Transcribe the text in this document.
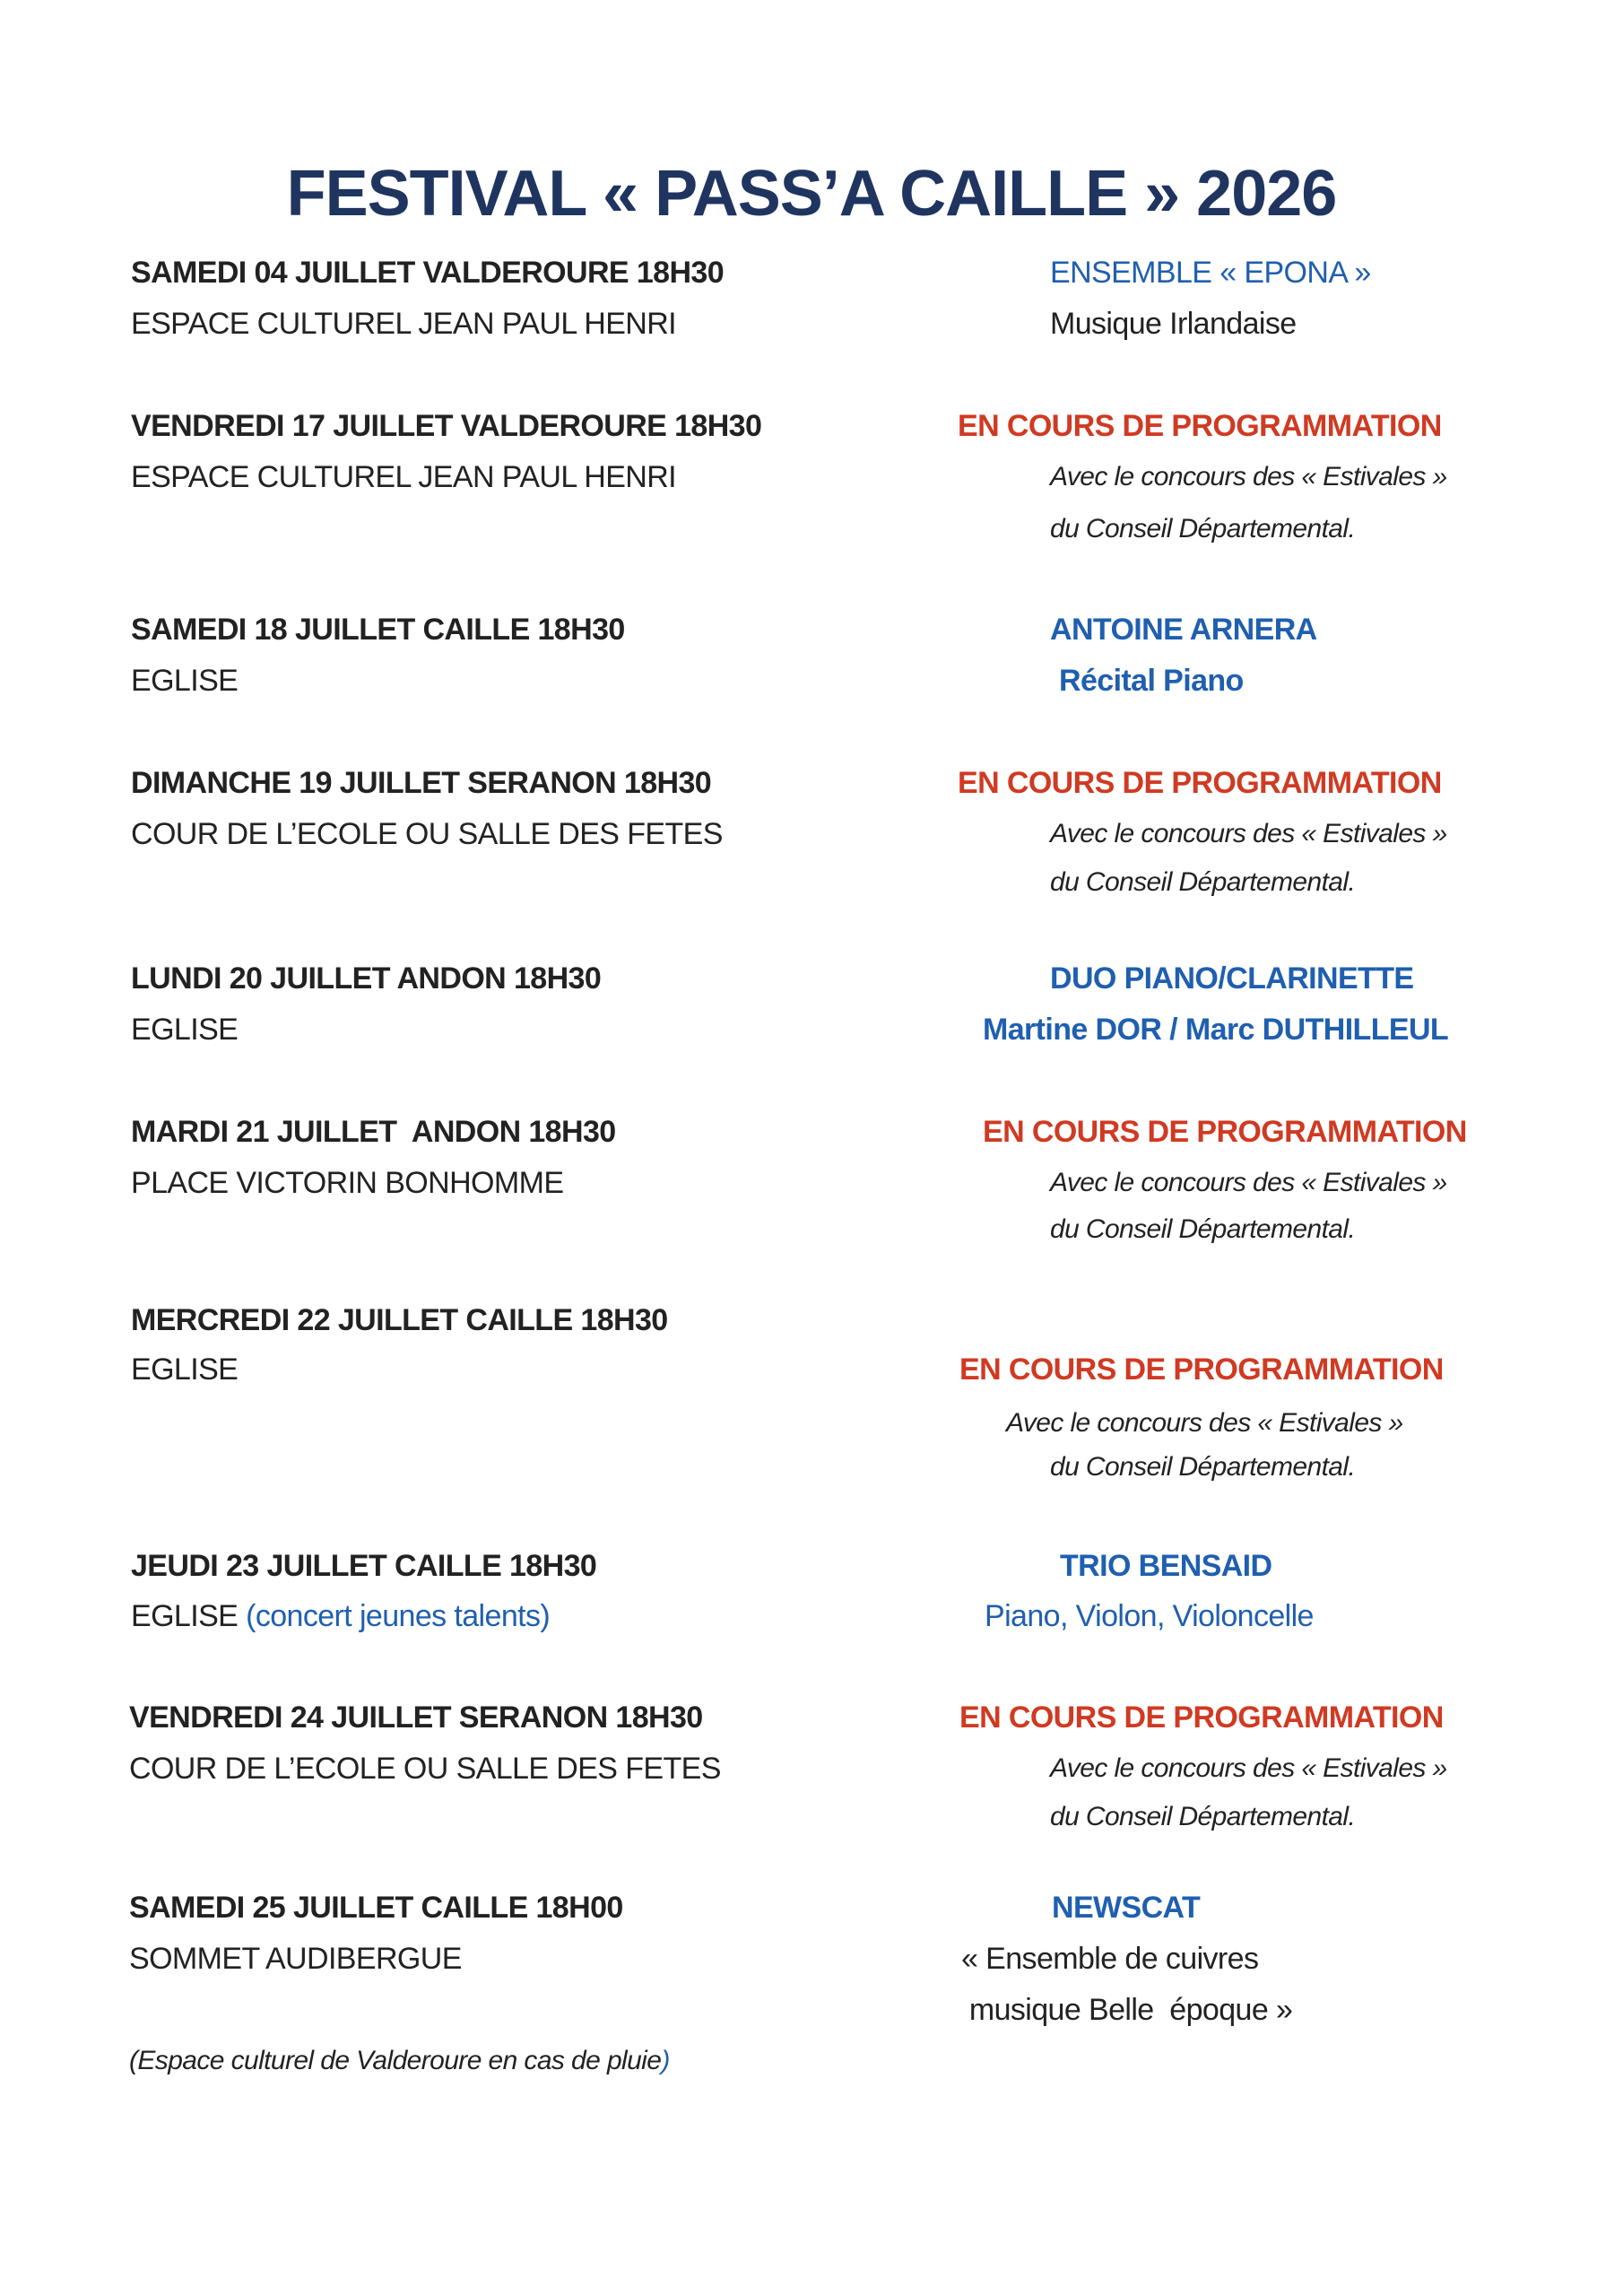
FESTIVAL « PASS’A CAILLE » 2026
SAMEDI 04 JUILLET VALDEROURE 18H30
ESPACE CULTUREL JEAN PAUL HENRI
ENSEMBLE « EPONA »
Musique Irlandaise
VENDREDI 17 JUILLET VALDEROURE 18H30
ESPACE CULTUREL JEAN PAUL HENRI
EN COURS DE PROGRAMMATION
Avec le concours des « Estivales »
du Conseil Départemental.
SAMEDI 18 JUILLET CAILLE 18H30
EGLISE
ANTOINE ARNERA
Récital Piano
DIMANCHE 19 JUILLET SERANON 18H30
COUR DE L’ECOLE OU SALLE DES FETES
EN COURS DE PROGRAMMATION
Avec le concours des « Estivales »
du Conseil Départemental.
LUNDI 20 JUILLET ANDON 18H30
EGLISE
DUO PIANO/CLARINETTE
Martine DOR / Marc DUTHILLEUL
MARDI 21 JUILLET  ANDON 18H30
PLACE VICTORIN BONHOMME
EN COURS DE PROGRAMMATION
Avec le concours des « Estivales »
du Conseil Départemental.
MERCREDI 22 JUILLET CAILLE 18H30
EGLISE	EN COURS DE PROGRAMMATION
Avec le concours des « Estivales »
du Conseil Départemental.
JEUDI 23 JUILLET CAILLE 18H30
EGLISE (concert jeunes talents)
TRIO BENSAID
Piano, Violon, Violoncelle
VENDREDI 24 JUILLET SERANON 18H30
COUR DE L’ECOLE OU SALLE DES FETES
EN COURS DE PROGRAMMATION
Avec le concours des « Estivales »
du Conseil Départemental.
SAMEDI 25 JUILLET CAILLE 18H00
SOMMET AUDIBERGUE
NEWSCAT
« Ensemble de cuivres
musique Belle  époque »
(Espace culturel de Valderoure en cas de pluie)
